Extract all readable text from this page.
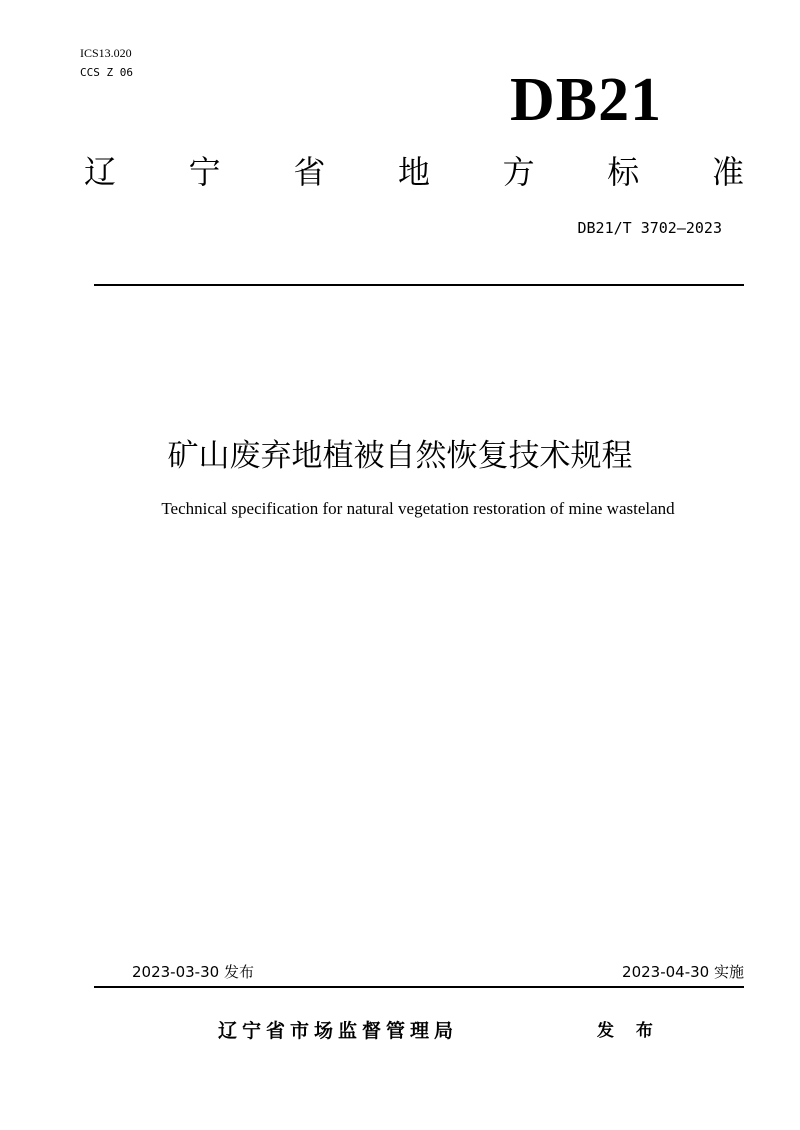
ICS13.020
CCS Z 06	DB21
辽 宁 省 地 方 标 准
DB21/T 3702—2023
矿山废弃地植被自然恢复技术规程
Technical specification for natural vegetation restoration of mine wasteland
2023-03-30 发布	2023-04-30 实施
辽宁省市场监督管理局	发 布
